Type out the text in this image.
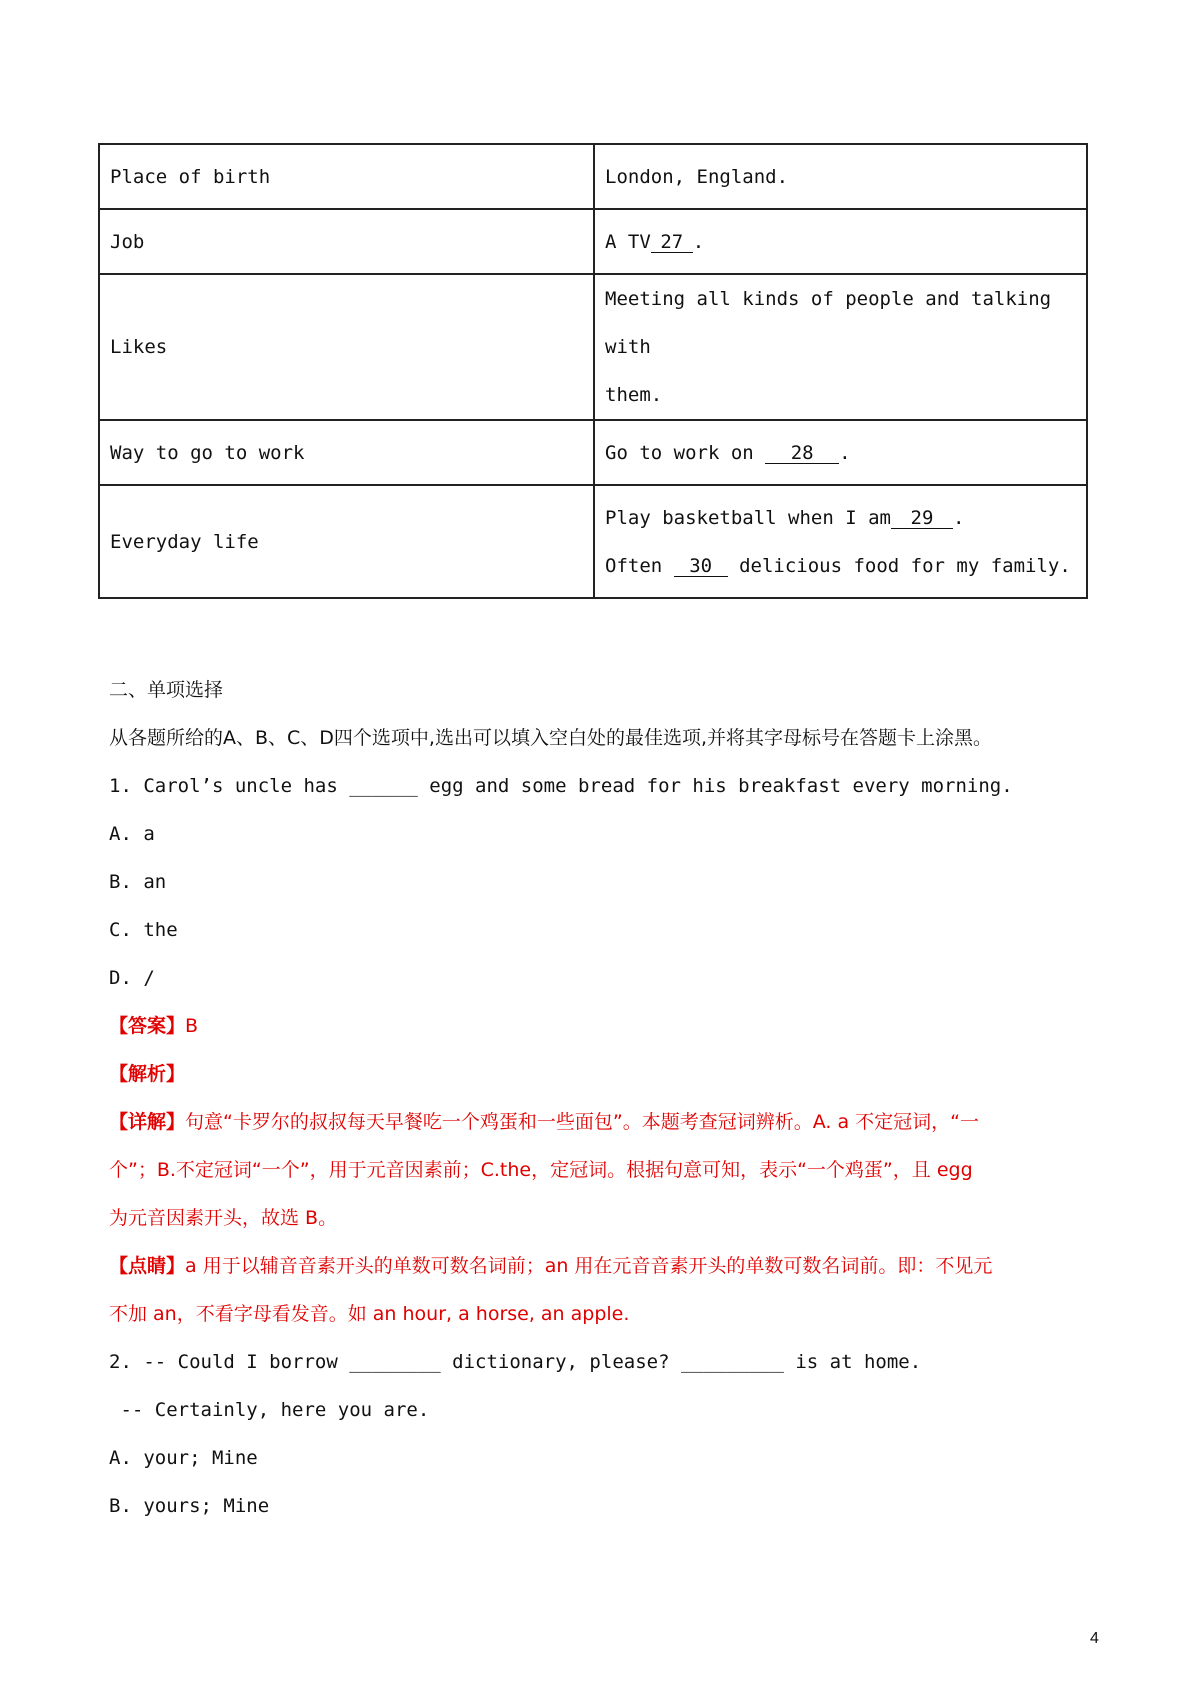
Place of birth	London, England.
Job	A TV 27 .
Likes	Meeting all kinds of people and talking with
them.

Way to go to work	Go to work on 28 .
Everyday life	Play basketball when I am 29 .
Often 30 delicious food for my family.
二、单项选择
从各题所给的A、B、C、D四个选项中,选出可以填入空白处的最佳选项,并将其字母标号在答题卡上涂黑。
1. Carol’s uncle has ______ egg and some bread for his breakfast every morning.
A. a
B. an
C. the
D. /
【答案】B
【解析】
【详解】句意“卡罗尔的叔叔每天早餐吃一个鸡蛋和一些面包”。本题考查冠词辨析。A. a 不定冠词，“一
个”；B.不定冠词“一个”，用于元音因素前；C.the，定冠词。根据句意可知，表示“一个鸡蛋”，且 egg
为元音因素开头，故选 B。
【点睛】a 用于以辅音音素开头的单数可数名词前；an 用在元音音素开头的单数可数名词前。即：不见元
不加 an，不看字母看发音。如 an hour, a horse, an apple.
2. -- Could I borrow ________ dictionary, please? _________ is at home.
-- Certainly, here you are.
A. your; Mine
B. yours; Mine
4
